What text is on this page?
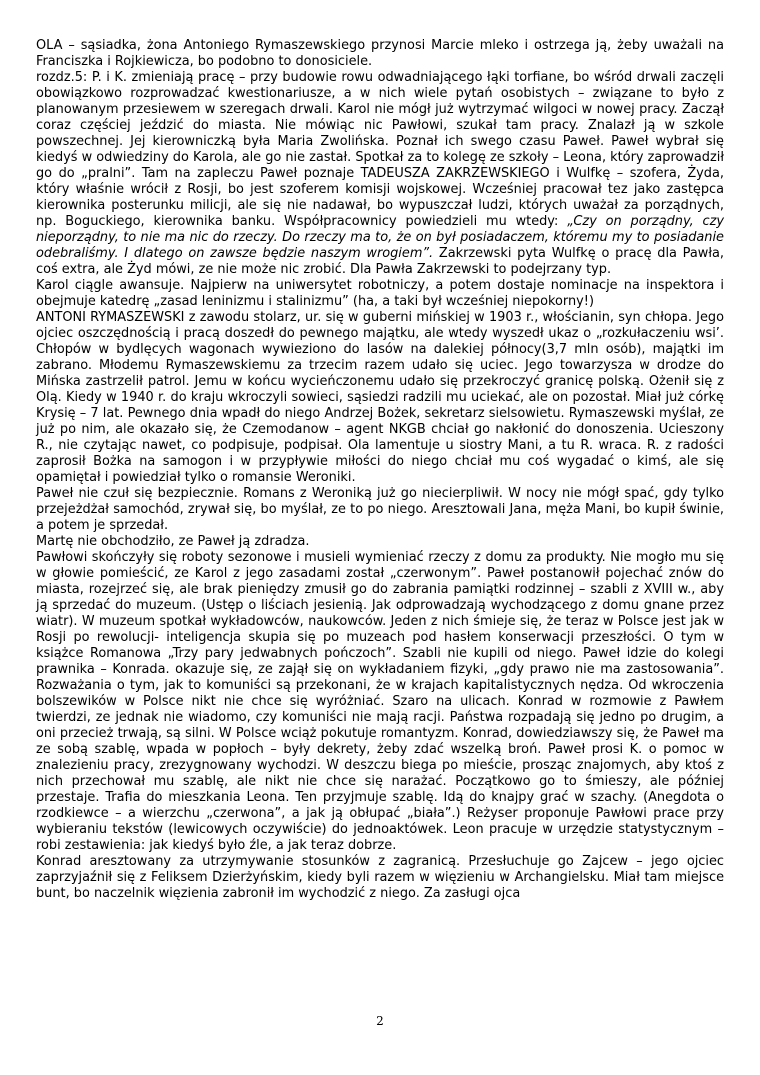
OLA – sąsiadka, żona Antoniego Rymaszewskiego przynosi Marcie mleko i ostrzega ją, żeby uważali na Franciszka i Rojkiewicza, bo podobno to donosiciele.

rozdz.5: P. i K. zmieniają pracę – przy budowie rowu odwadniającego łąki torfiane, bo wśród drwali zaczęli obowiązkowo rozprowadzać kwestionariusze, a w nich wiele pytań osobistych – związane to było z planowanym przesiewem w szeregach drwali. Karol nie mógł już wytrzymać wilgoci w nowej pracy. Zaczął coraz częściej jeździć do miasta. Nie mówiąc nic Pawłowi, szukał tam pracy. Znalazł ją w szkole powszechnej. Jej kierowniczką była Maria Zwolińska. Poznał ich swego czasu Paweł. Paweł wybrał się kiedyś w odwiedziny do Karola, ale go nie zastał. Spotkał za to kolegę ze szkoły – Leona, który zaprowadził go do „pralni”. Tam na zapleczu Paweł poznaje TADEUSZA ZAKRZEWSKIEGO i Wulfkę – szofera, Żyda, który właśnie wrócił z Rosji, bo jest szoferem komisji wojskowej. Wcześniej pracował tez jako zastępca kierownika posterunku milicji, ale się nie nadawał, bo wypuszczał ludzi, których uważał za porządnych, np. Boguckiego, kierownika banku. Współpracownicy powiedzieli mu wtedy: „Czy on porządny, czy nieporządny, to nie ma nic do rzeczy. Do rzeczy ma to, że on był posiadaczem, któremu my to posiadanie odebraliśmy. I dlatego on zawsze będzie naszym wrogiem”. Zakrzewski pyta Wulfkę o pracę dla Pawła, coś extra, ale Żyd mówi, ze nie może nic zrobić. Dla Pawła Zakrzewski to podejrzany typ.

Karol ciągle awansuje. Najpierw na uniwersytet robotniczy, a potem dostaje nominacje na inspektora i obejmuje katedrę „zasad leninizmu i stalinizmu” (ha, a taki był wcześniej niepokorny!)

ANTONI RYMASZEWSKI z zawodu stolarz, ur. się w guberni mińskiej w 1903 r., włościanin, syn chłopa. Jego ojciec oszczędnością i pracą doszedł do pewnego majątku, ale wtedy wyszedł ukaz o „rozkułaczeniu wsi’. Chłopów w bydlęcych wagonach wywieziono do lasów na dalekiej północy(3,7 mln osób), majątki im zabrano. Młodemu Rymaszewskiemu za trzecim razem udało się uciec. Jego towarzysza w drodze do Mińska zastrzelił patrol. Jemu w końcu wycieńczonemu udało się przekroczyć granicę polską. Ożenił się z Olą. Kiedy w 1940 r. do kraju wkroczyli sowieci, sąsiedzi radzili mu uciekać, ale on pozostał. Miał już córkę Krysię – 7 lat. Pewnego dnia wpadł do niego Andrzej Bożek, sekretarz sielsowietu. Rymaszewski myślał, ze już po nim, ale okazało się, że Czemodanow – agent NKGB chciał go nakłonić do donoszenia. Ucieszony R., nie czytając nawet, co podpisuje, podpisał. Ola lamentuje u siostry Mani, a tu R. wraca. R. z radości zaprosił Bożka na samogon i w przypływie miłości do niego chciał mu coś wygadać o kimś, ale się opamiętał i powiedział tylko o romansie Weroniki.

Paweł nie czuł się bezpiecznie. Romans z Weroniką już go niecierpliwił. W nocy nie mógł spać, gdy tylko przejeżdżał samochód, zrywał się, bo myślał, ze to po niego. Aresztowali Jana, męża Mani, bo kupił świnie, a potem je sprzedał.

Martę nie obchodziło, ze Paweł ją zdradza.

Pawłowi skończyły się roboty sezonowe i musieli wymieniać rzeczy z domu za produkty. Nie mogło mu się w głowie pomieścić, ze Karol z jego zasadami został „czerwonym”. Paweł postanowił pojechać znów do miasta, rozejrzeć się, ale brak pieniędzy zmusił go do zabrania pamiątki rodzinnej – szabli z XVIII w., aby ją sprzedać do muzeum. (Ustęp o liściach jesienią. Jak odprowadzają wychodzącego z domu gnane przez wiatr). W muzeum spotkał wykładowców, naukowców. Jeden z nich śmieje się, że teraz w Polsce jest jak w Rosji po rewolucji- inteligencja skupia się po muzeach pod hasłem konserwacji przeszłości. O tym w książce Romanowa „Trzy pary jedwabnych pończoch”. Szabli nie kupili od niego. Paweł idzie do kolegi prawnika – Konrada. okazuje się, ze zajął się on wykładaniem fizyki, „gdy prawo nie ma zastosowania”. Rozważania o tym, jak to komuniści są przekonani, że w krajach kapitalistycznych nędza. Od wkroczenia bolszewików w Polsce nikt nie chce się wyróżniać. Szaro na ulicach. Konrad w rozmowie z Pawłem twierdzi, ze jednak nie wiadomo, czy komuniści nie mają racji. Państwa rozpadają się jedno po drugim, a oni przecież trwają, są silni. W Polsce wciąż pokutuje romantyzm. Konrad, dowiedziawszy się, że Paweł ma ze sobą szablę, wpada w popłoch – były dekrety, żeby zdać wszelką broń. Paweł prosi K. o pomoc w znalezieniu pracy, zrezygnowany wychodzi. W deszczu biega po mieście, prosząc znajomych, aby ktoś z nich przechował mu szablę, ale nikt nie chce się narażać. Początkowo go to śmieszy, ale później przestaje. Trafia do mieszkania Leona. Ten przyjmuje szablę. Idą do knajpy grać w szachy. (Anegdota o rzodkiewce – a wierzchu „czerwona”, a jak ją obłupać „biała”.) Reżyser proponuje Pawłowi prace przy wybieraniu tekstów (lewicowych oczywiście) do jednoaktówek. Leon pracuje w urzędzie statystycznym – robi zestawienia: jak kiedyś było źle, a jak teraz dobrze.

Konrad aresztowany za utrzymywanie stosunków z zagranicą. Przesłuchuje go Zajcew – jego ojciec zaprzyjaźnił się z Feliksem Dzierżyńskim, kiedy byli razem w więzieniu w Archangielsku. Miał tam miejsce bunt, bo naczelnik więzienia zabronił im wychodzić z niego. Za zasługi ojca

2
